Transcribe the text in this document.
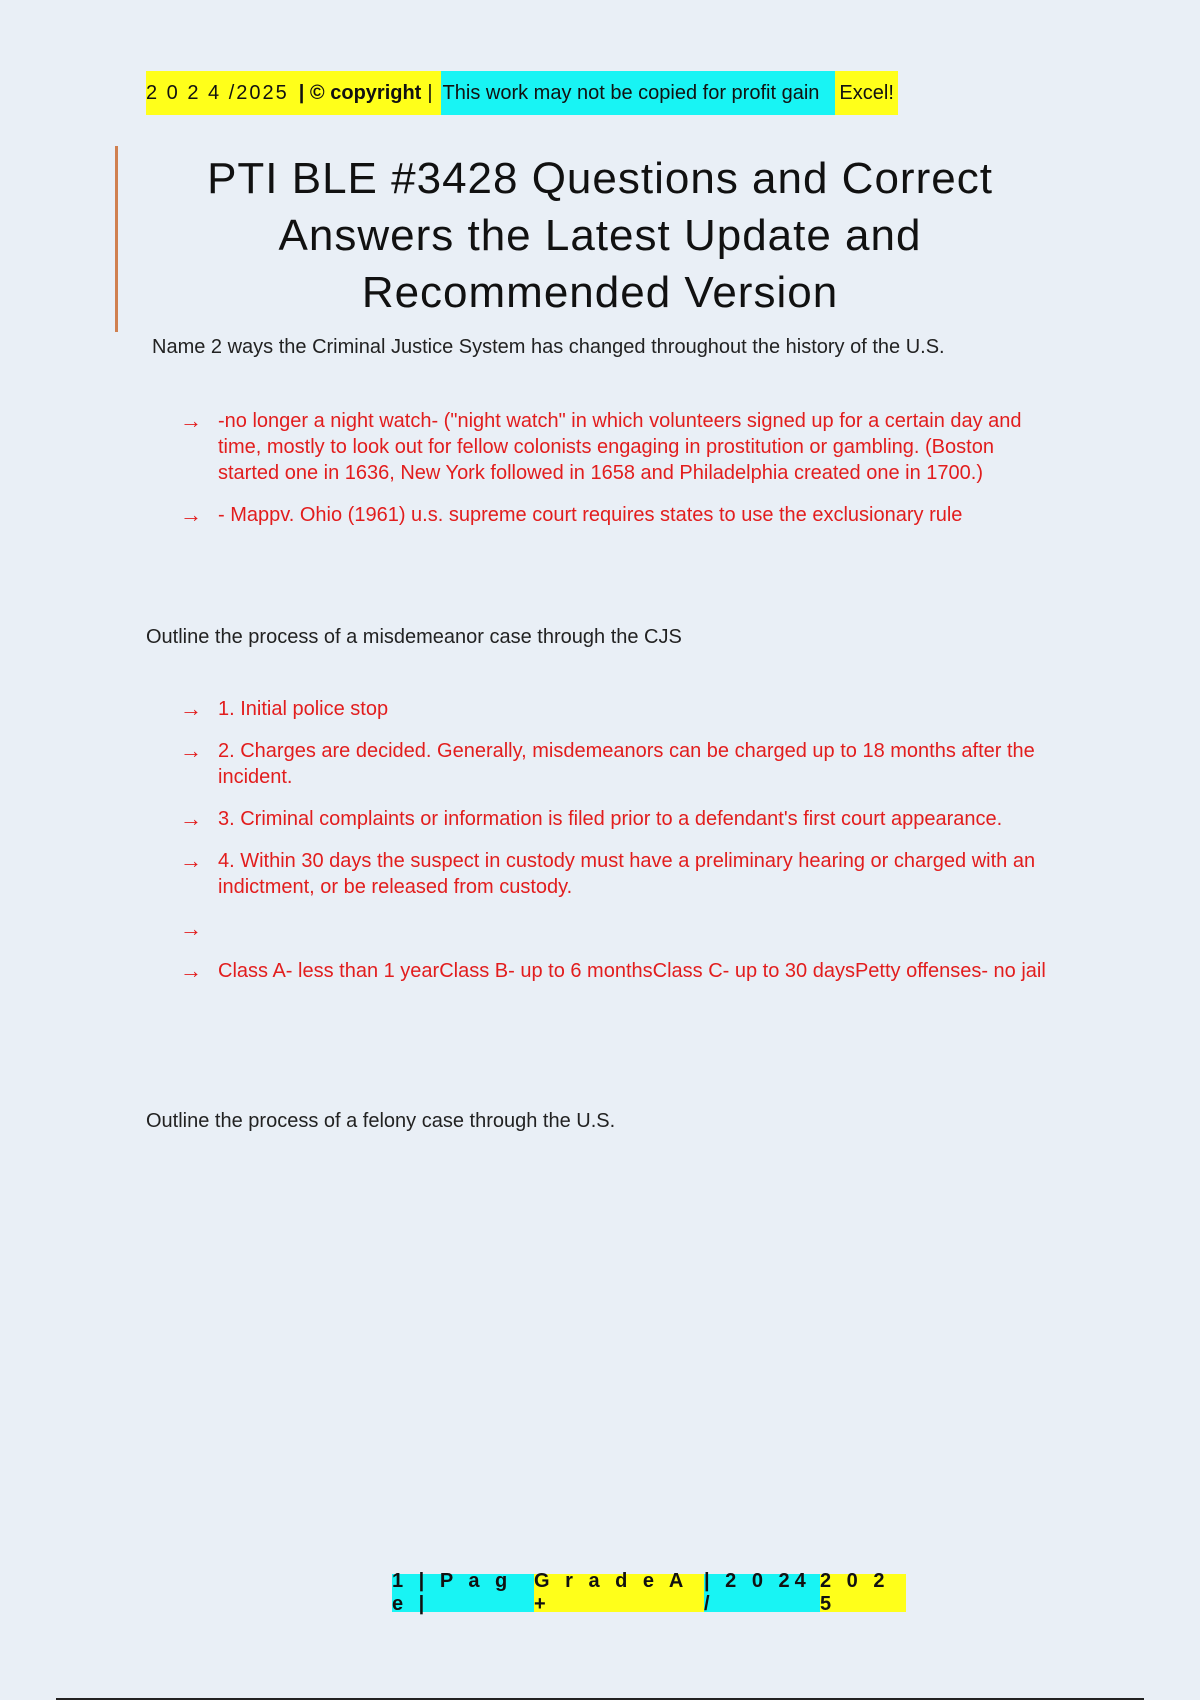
2 0 2 4 /2025 | © copyright | This work may not be copied for profit gain	Excel!
PTI BLE #3428 Questions and Correct Answers the Latest Update and Recommended Version

Name 2 ways the Criminal Justice System has changed throughout the history of the U.S.

→ -no longer a night watch- ("night watch" in which volunteers signed up for a certain day and time, mostly to look out for fellow colonists engaging in prostitution or gambling. (Boston started one in 1636, New York followed in 1658 and Philadelphia created one in 1700.)
→ - Mappv. Ohio (1961) u.s. supreme court requires states to use the exclusionary rule

Outline the process of a misdemeanor case through the CJS

→ 1. Initial police stop
→ 2. Charges are decided. Generally, misdemeanors can be charged up to 18 months after the incident.
→ 3. Criminal complaints or information is filed prior to a defendant's first court appearance.
→ 4. Within 30 days the suspect in custody must have a preliminary hearing or charged with an indictment, or be released from custody.
→
→ Class A- less than 1 yearClass B- up to 6 monthsClass C- up to 30 daysPetty offenses- no jail

Outline the process of a felony case through the U.S.

1 | P a g e |
G r a d e A +
| 2 0 24 /
2 0 2 5
